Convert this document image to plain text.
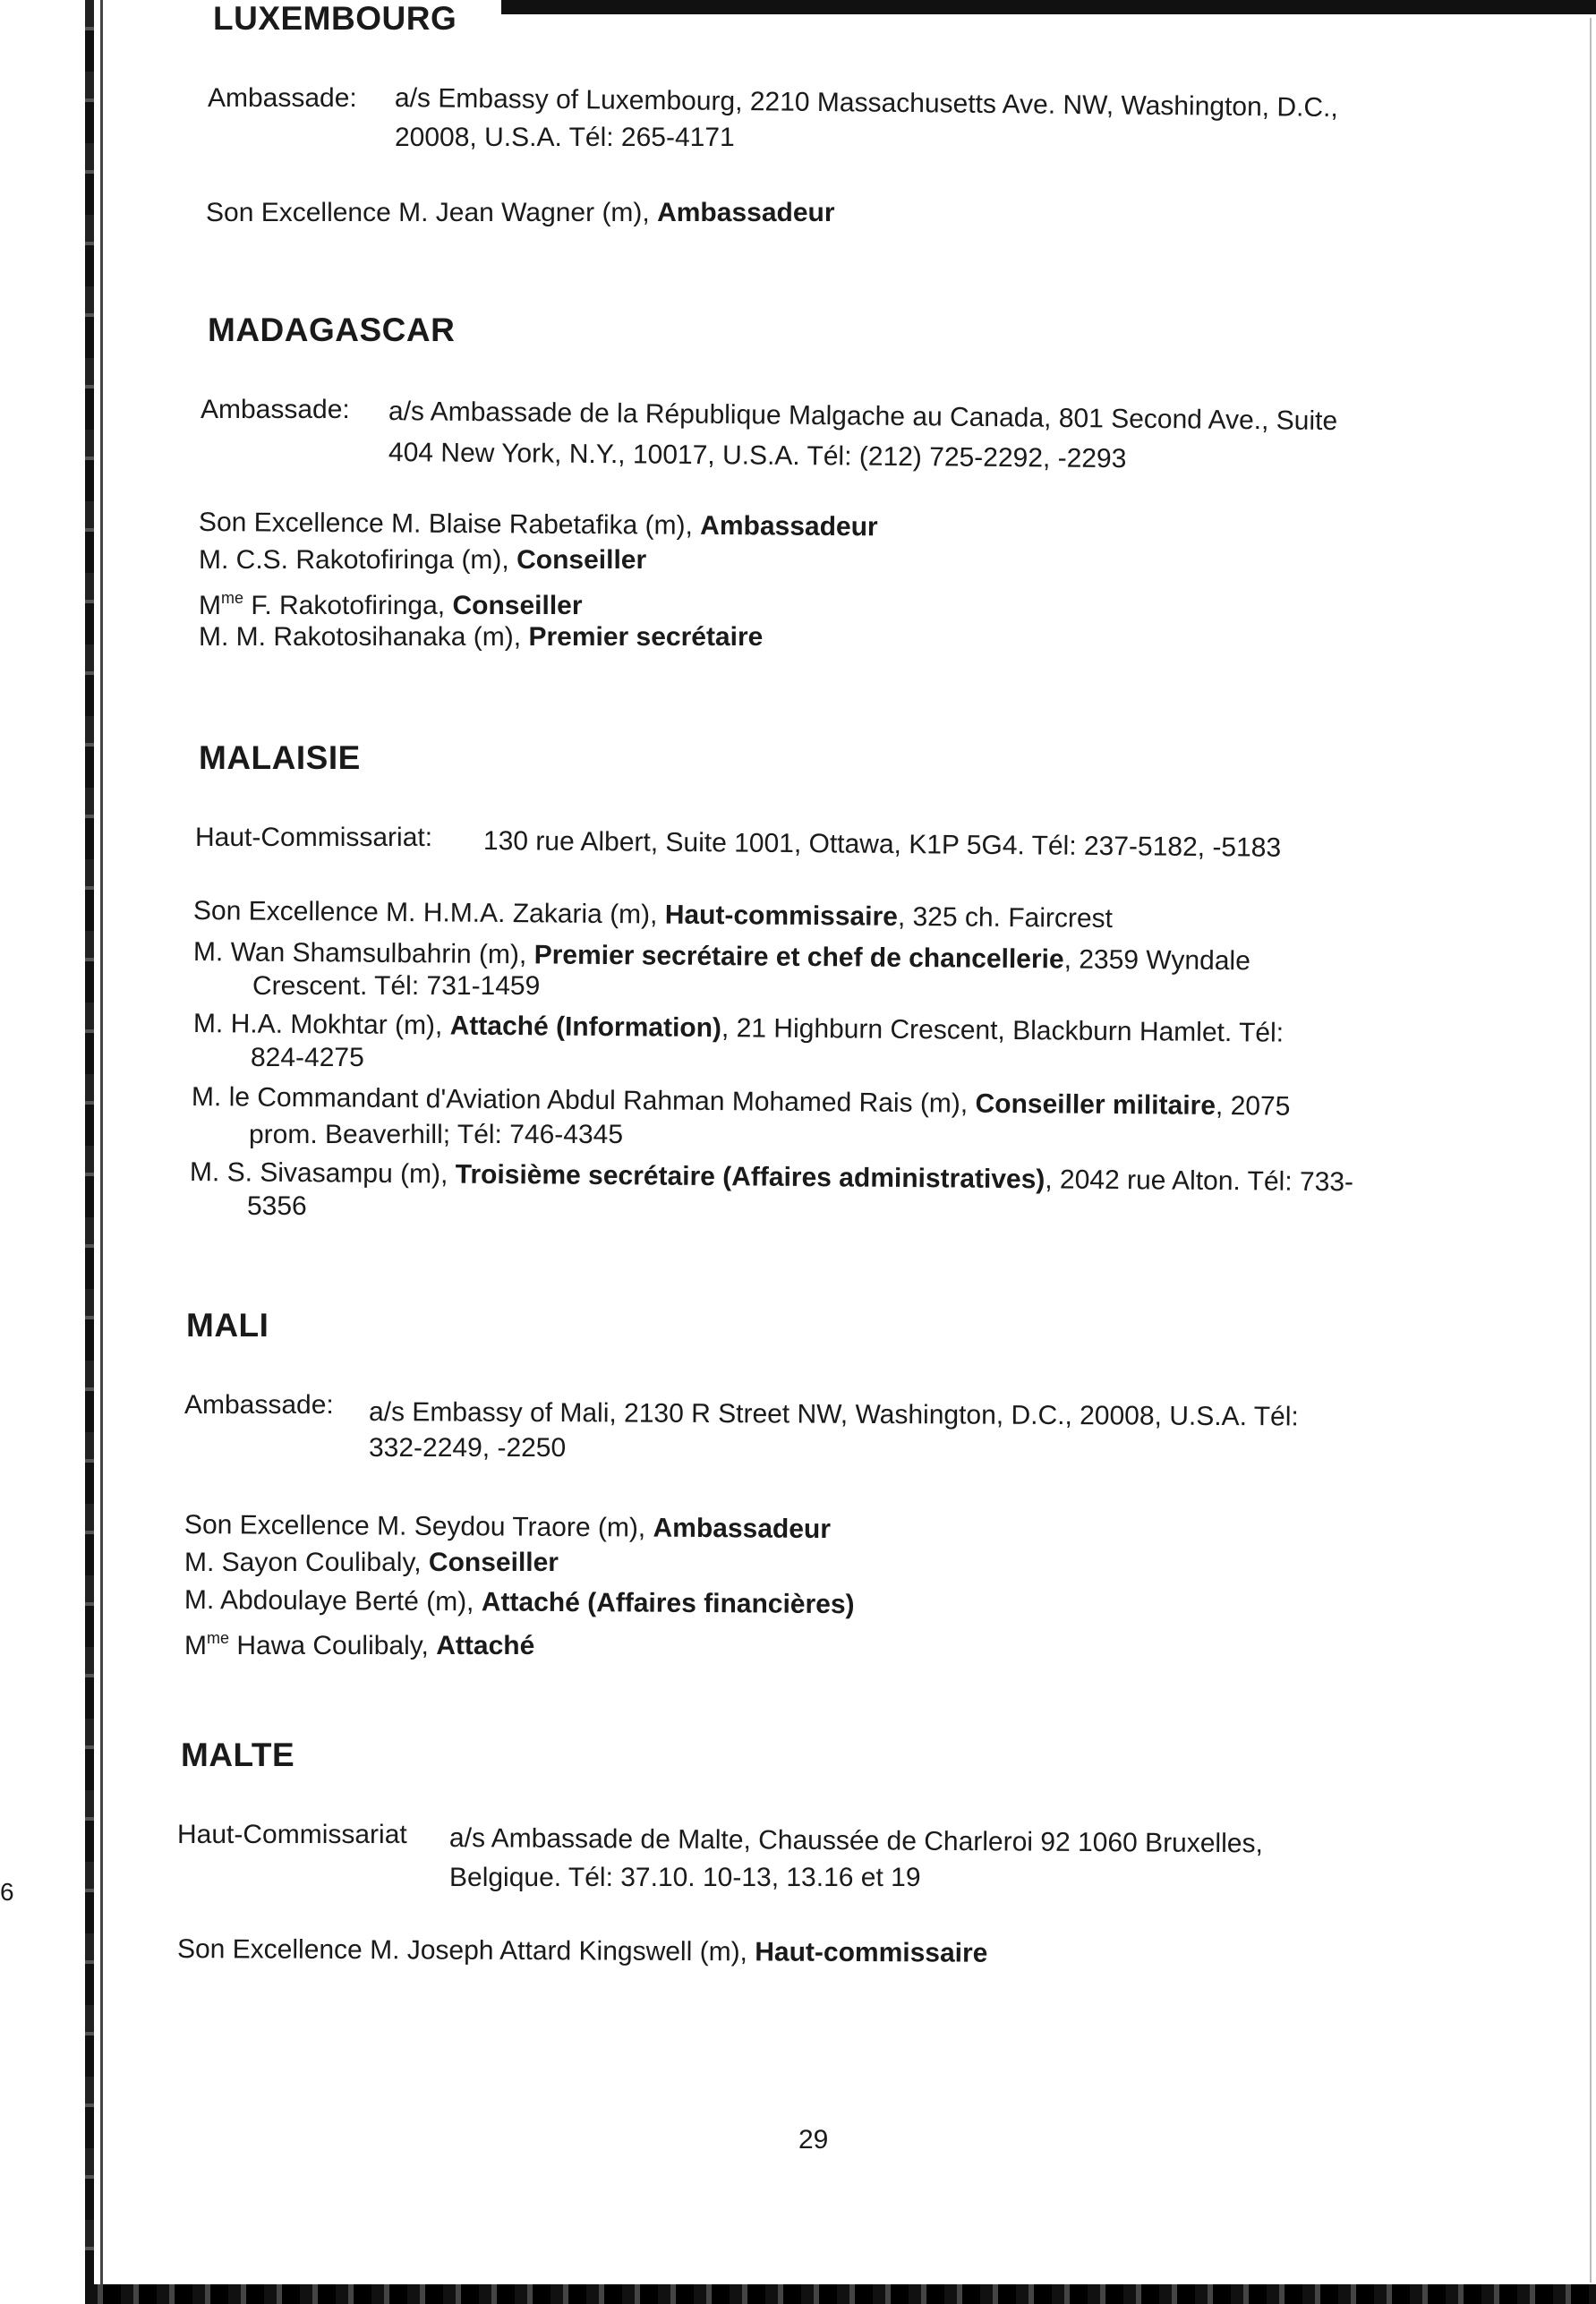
6
LUXEMBOURG
Ambassade: a/s Embassy of Luxembourg, 2210 Massachusetts Ave. NW, Washington, D.C.,
20008, U.S.A. Tél: 265-4171
Son Excellence M. Jean Wagner (m), Ambassadeur
MADAGASCAR
Ambassade: a/s Ambassade de la République Malgache au Canada, 801 Second Ave., Suite
404 New York, N.Y., 10017, U.S.A. Tél: (212) 725-2292, -2293
Son Excellence M. Blaise Rabetafika (m), Ambassadeur
M. C.S. Rakotofiringa (m), Conseiller
$M^{me}$ F. Rakotofiringa, Conseiller
M. M. Rakotosihanaka (m), Premier secrétaire
MALAISIE
Haut-Commissariat: 130 rue Albert, Suite 1001, Ottawa, K1P 5G4. Tél: 237-5182, -5183
Son Excellence M. H.M.A. Zakaria (m), Haut-commissaire, 325 ch. Faircrest
M. Wan Shamsulbahrin (m), Premier secrétaire et chef de chancellerie, 2359 Wyndale
Crescent. Tél: 731-1459
M. H.A. Mokhtar (m), Attaché (Information), 21 Highburn Crescent, Blackburn Hamlet. Tél:
824-4275
M. le Commandant d'Aviation Abdul Rahman Mohamed Rais (m), Conseiller militaire, 2075
prom. Beaverhill; Tél: 746-4345
M. S. Sivasampu (m), Troisième secrétaire (Affaires administratives), 2042 rue Alton. Tél: 733-
5356
MALI
Ambassade: a/s Embassy of Mali, 2130 R Street NW, Washington, D.C., 20008, U.S.A. Tél:
332-2249, -2250
Son Excellence M. Seydou Traore (m), Ambassadeur
M. Sayon Coulibaly, Conseiller
M. Abdoulaye Berté (m), Attaché (Affaires financières)
$M^{me}$ Hawa Coulibaly, Attaché
MALTE
Haut-Commissariat a/s Ambassade de Malte, Chaussée de Charleroi 92 1060 Bruxelles,
Belgique. Tél: 37.10. 10-13, 13.16 et 19
Son Excellence M. Joseph Attard Kingswell (m), Haut-commissaire
29
